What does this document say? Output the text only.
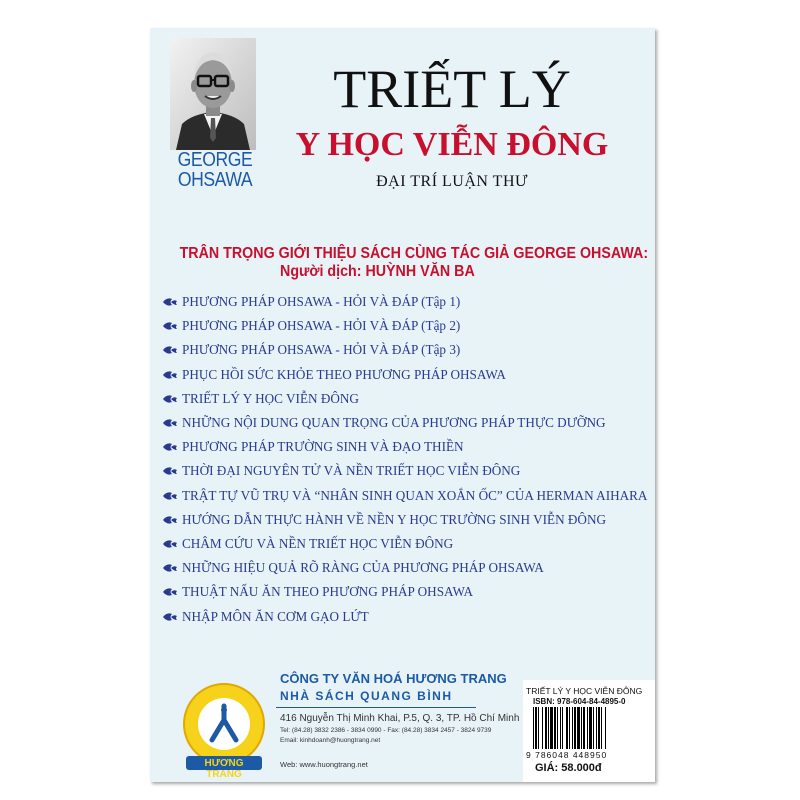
GEORGE
OHSAWA
TRIẾT LÝ
Y HỌC VIỄN ĐÔNG
ĐẠI TRÍ LUẬN THƯ
TRÂN TRỌNG GIỚI THIỆU SÁCH CÙNG TÁC GIẢ GEORGE OHSAWA:
Người dịch: HUỲNH VĂN BA
PHƯƠNG PHÁP OHSAWA - HỎI VÀ ĐÁP (Tập 1)
PHƯƠNG PHÁP OHSAWA - HỎI VÀ ĐÁP (Tập 2)
PHƯƠNG PHÁP OHSAWA - HỎI VÀ ĐÁP (Tập 3)
PHỤC HỒI SỨC KHỎE THEO PHƯƠNG PHÁP OHSAWA
TRIẾT LÝ Y HỌC VIỄN ĐÔNG
NHỮNG NỘI DUNG QUAN TRỌNG CỦA PHƯƠNG PHÁP THỰC DƯỠNG
PHƯƠNG PHÁP TRƯỜNG SINH VÀ ĐẠO THIỀN
THỜI ĐẠI NGUYÊN TỬ VÀ NỀN TRIẾT HỌC VIỄN ĐÔNG
TRẬT TỰ VŨ TRỤ VÀ “NHÂN SINH QUAN XOẮN ỐC” CỦA HERMAN AIHARA
HƯỚNG DẪN THỰC HÀNH VỀ NỀN Y HỌC TRƯỜNG SINH VIỄN ĐÔNG
CHÂM CỨU VÀ NỀN TRIẾT HỌC VIỄN ĐÔNG
NHỮNG HIỆU QUẢ RÕ RÀNG CỦA PHƯƠNG PHÁP OHSAWA
THUẬT NẤU ĂN THEO PHƯƠNG PHÁP OHSAWA
NHẬP MÔN ĂN CƠM GẠO LỨT
HƯƠNG TRANG
CÔNG TY VĂN HOÁ HƯƠNG TRANG
NHÀ SÁCH QUANG BÌNH
416 Nguyễn Thị Minh Khai, P.5, Q. 3, TP. Hồ Chí Minh
Tel: (84.28) 3832 2386 - 3834 0990 - Fax: (84.28) 3834 2457 - 3824 9739
Email: kinhdoanh@huongtrang.net
Web: www.huongtrang.net
TRIẾT LÝ Y HỌC VIỄN ĐÔNG
ISBN: 978-604-84-4895-0
9 786048 448950
GIÁ: 58.000đ
